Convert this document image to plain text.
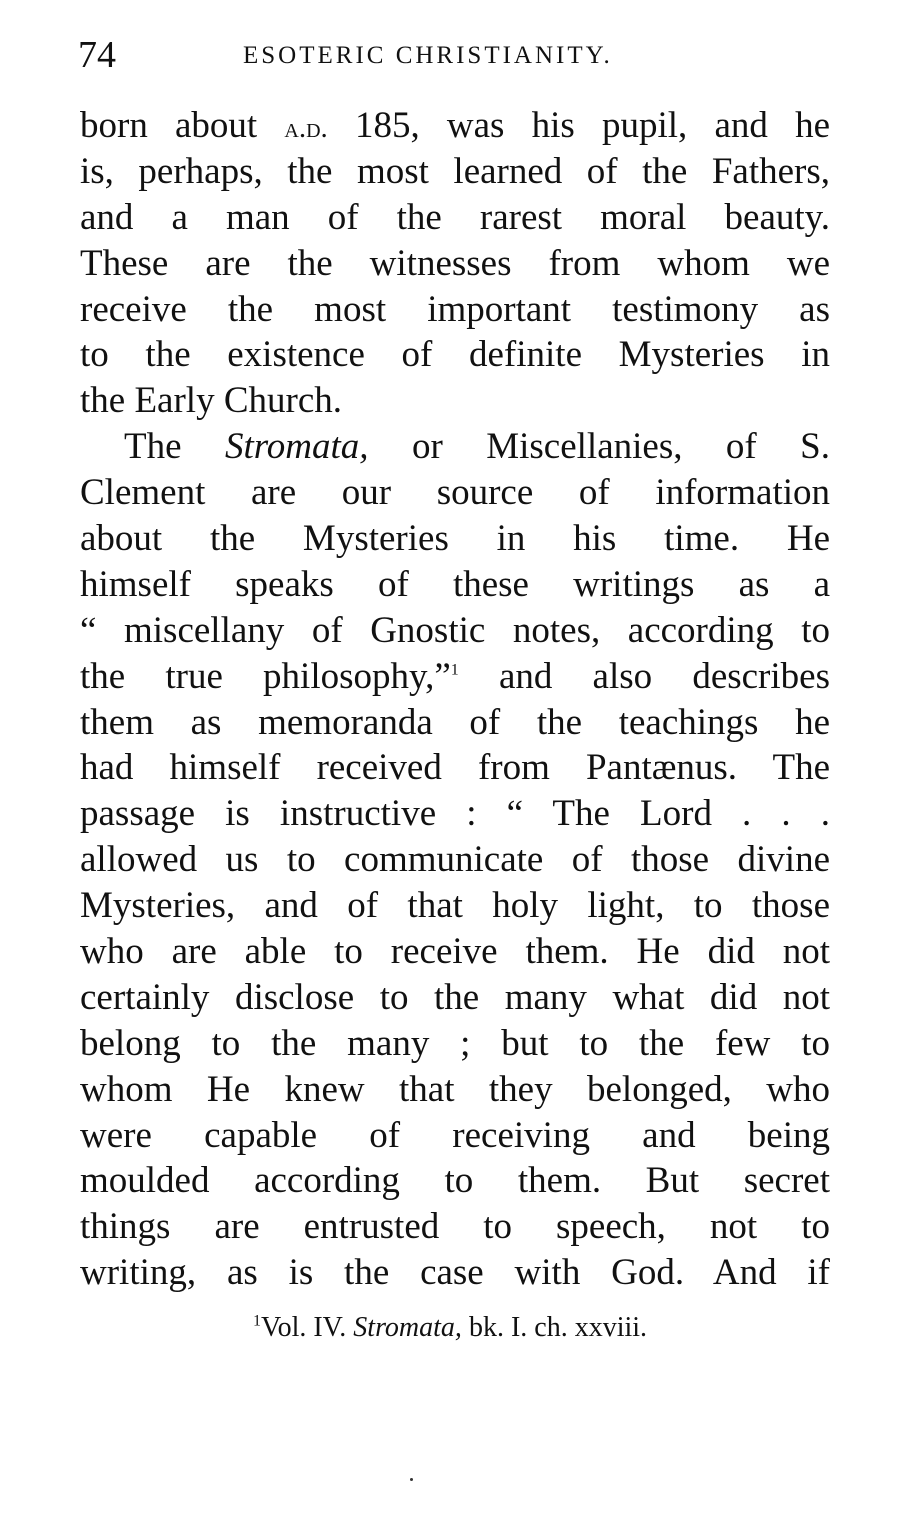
74	ESOTERIC CHRISTIANITY.
born about a.d. 185, was his pupil, and he
is, perhaps, the most learned of the Fathers,
and a man of the rarest moral beauty.
These are the witnesses from whom we
receive the most important testimony as
to the existence of definite Mysteries in
the Early Church.
The Stromata, or Miscellanies, of S.
Clement are our source of information
about the Mysteries in his time. He
himself speaks of these writings as a
“ miscellany of Gnostic notes, according to
the true philosophy,”$^1$ and also describes
them as memoranda of the teachings he
had himself received from Pantænus. The
passage is instructive : “ The Lord . . .
allowed us to communicate of those divine
Mysteries, and of that holy light, to those
who are able to receive them. He did not
certainly disclose to the many what did not
belong to the many ; but to the few to
whom He knew that they belonged, who
were capable of receiving and being
moulded according to them. But secret
things are entrusted to speech, not to
writing, as is the case with God. And if
$^1$Vol. IV. Stromata, bk. I. ch. xxviii.
